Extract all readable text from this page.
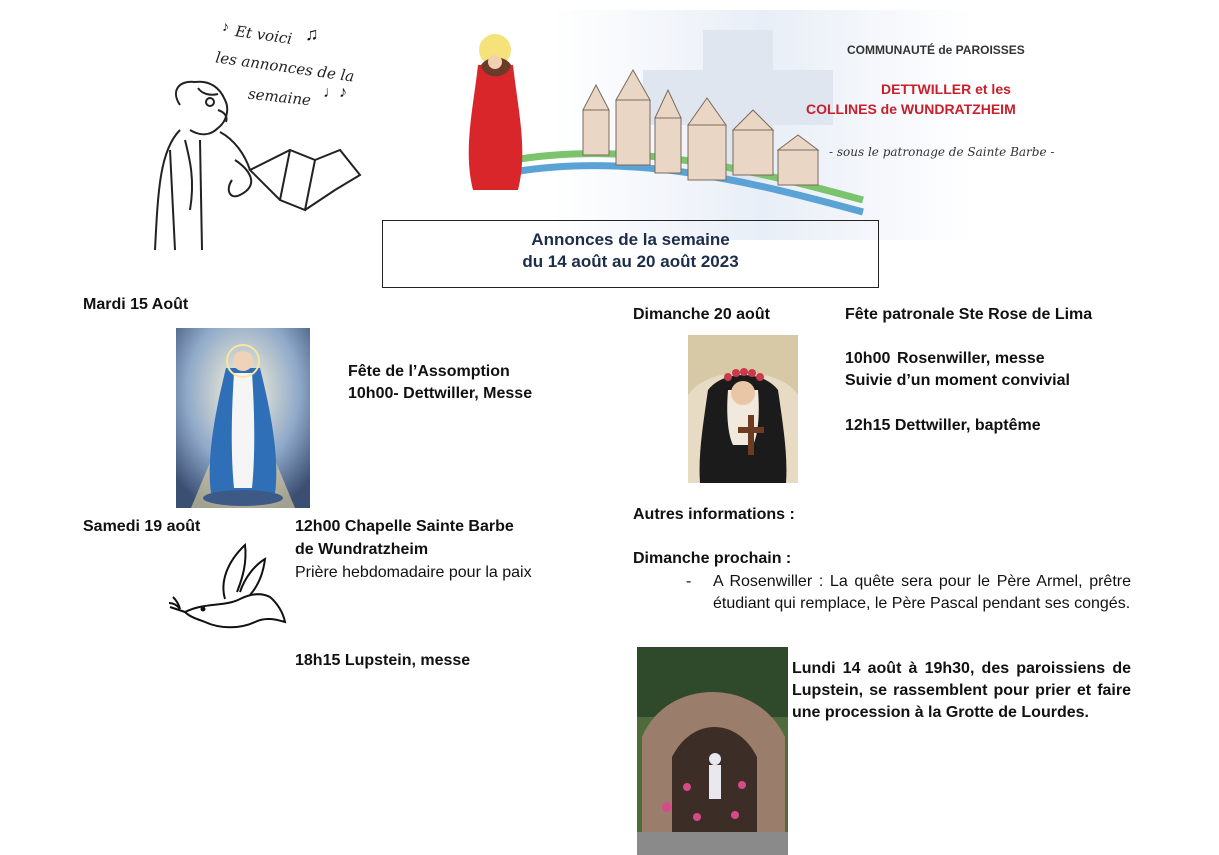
Et voici
les annonces de la
semaine
♪	♫
♩♪
COMMUNAUTÉ de PAROISSES
DETTWILLER et les
COLLINES de WUNDRATZHEIM
- sous le patronage de Sainte Barbe -
Annonces de la semaine
du 14 août au 20 août 2023
Mardi 15 Août
Fête de l’Assomption
10h00- Dettwiller, Messe
Samedi 19 août	12h00 Chapelle Sainte Barbe
de Wundratzheim
Prière hebdomadaire pour la paix
18h15 Lupstein, messe
Dimanche 20 août	Fête patronale Ste Rose de Lima
10h00 Rosenwiller, messe
Suivie d’un moment convivial
12h15 Dettwiller, baptême
Autres informations :
Dimanche prochain :
- A Rosenwiller : La quête sera pour le Père Armel, prêtre étudiant qui remplace, le Père Pascal pendant ses congés.
Lundi 14 août à 19h30, des paroissiens de Lupstein, se rassemblent pour prier et faire une procession à la Grotte de Lourdes.
